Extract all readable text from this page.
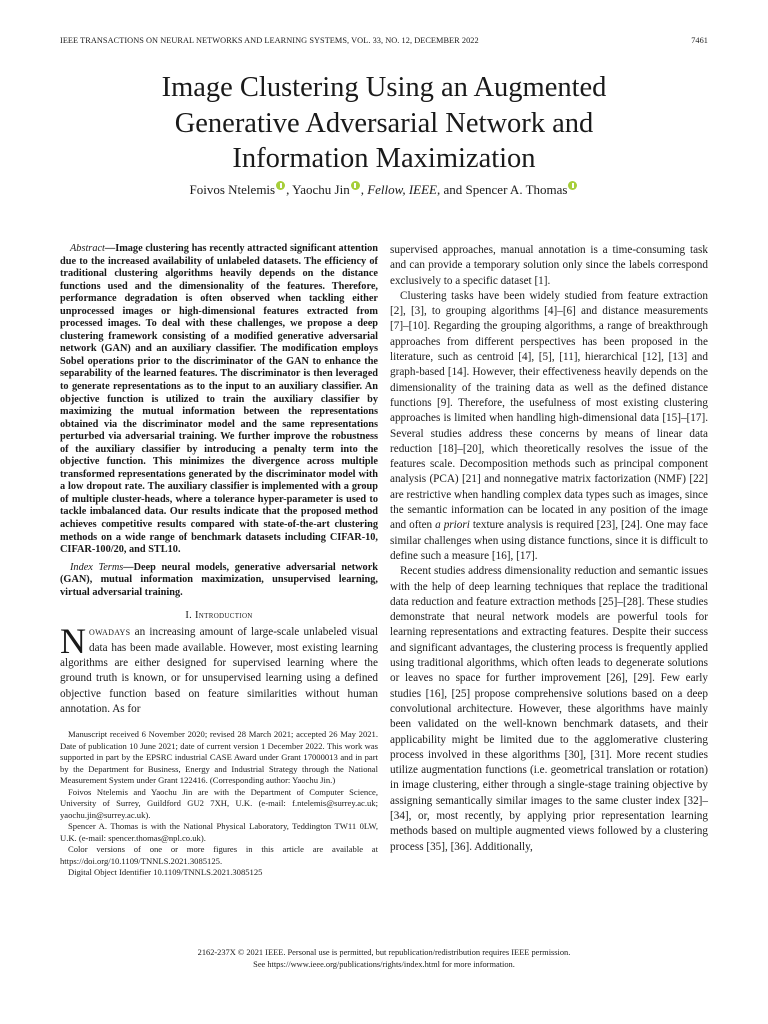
IEEE TRANSACTIONS ON NEURAL NETWORKS AND LEARNING SYSTEMS, VOL. 33, NO. 12, DECEMBER 2022	7461
Image Clustering Using an Augmented
Generative Adversarial Network and
Information Maximization
Foivos Ntelemis , Yaochu Jin , Fellow, IEEE, and Spencer A. Thomas

Abstract—Image clustering has recently attracted significant attention due to the increased availability of unlabeled datasets. The efficiency of traditional clustering algorithms heavily depends on the distance functions used and the dimensionality of the features. Therefore, performance degradation is often observed when tackling either unprocessed images or high-dimensional features extracted from processed images. To deal with these challenges, we propose a deep clustering framework consisting of a modified generative adversarial network (GAN) and an auxiliary classifier. The modification employs Sobel operations prior to the discriminator of the GAN to enhance the separability of the learned features. The discriminator is then leveraged to generate representations as to the input to an auxiliary classifier. An objective function is utilized to train the auxiliary classifier by maximizing the mutual information between the representations obtained via the discriminator model and the same representations perturbed via adversarial training. We further improve the robustness of the auxiliary classifier by introducing a penalty term into the objective function. This minimizes the divergence across multiple transformed representations generated by the discriminator model with a low dropout rate. The auxiliary classifier is implemented with a group of multiple cluster-heads, where a tolerance hyper-parameter is used to tackle imbalanced data. Our results indicate that the proposed method achieves competitive results compared with state-of-the-art clustering methods on a wide range of benchmark datasets including CIFAR-10, CIFAR-100/20, and STL10.

Index Terms—Deep neural models, generative adversarial network (GAN), mutual information maximization, unsupervised learning, virtual adversarial training.

I. Introduction

Nowadays an increasing amount of large-scale unlabeled visual data has been made available. However, most existing learning algorithms are either designed for supervised learning where the ground truth is known, or for unsupervised learning using a defined objective function based on feature similarities without human annotation. As for

Manuscript received 6 November 2020; revised 28 March 2021; accepted 26 May 2021. Date of publication 10 June 2021; date of current version 1 December 2022. This work was supported in part by the EPSRC industrial CASE Award under Grant 17000013 and in part by the Department for Business, Energy and Industrial Strategy through the National Measurement System under Grant 122416. (Corresponding author: Yaochu Jin.)

Foivos Ntelemis and Yaochu Jin are with the Department of Computer Science, University of Surrey, Guildford GU2 7XH, U.K. (e-mail: f.ntelemis@surrey.ac.uk; yaochu.jin@surrey.ac.uk).

Spencer A. Thomas is with the National Physical Laboratory, Teddington TW11 0LW, U.K. (e-mail: spencer.thomas@npl.co.uk).

Color versions of one or more figures in this article are available at https://doi.org/10.1109/TNNLS.2021.3085125.

Digital Object Identifier 10.1109/TNNLS.2021.3085125

supervised approaches, manual annotation is a time-consuming task and can provide a temporary solution only since the labels correspond exclusively to a specific dataset [1].

Clustering tasks have been widely studied from feature extraction [2], [3], to grouping algorithms [4]–[6] and distance measurements [7]–[10]. Regarding the grouping algorithms, a range of breakthrough approaches from different perspectives has been proposed in the literature, such as centroid [4], [5], [11], hierarchical [12], [13] and graph-based [14]. However, their effectiveness heavily depends on the dimensionality of the training data as well as the defined distance functions [9]. Therefore, the usefulness of most existing clustering approaches is limited when handling high-dimensional data [15]–[17]. Several studies address these concerns by means of linear data reduction [18]–[20], which theoretically resolves the issue of the features scale. Decomposition methods such as principal component analysis (PCA) [21] and nonnegative matrix factorization (NMF) [22] are restrictive when handling complex data types such as images, since the semantic information can be located in any position of the image and often a priori texture analysis is required [23], [24]. One may face similar challenges when using distance functions, since it is difficult to define such a measure [16], [17].

Recent studies address dimensionality reduction and semantic issues with the help of deep learning techniques that replace the traditional data reduction and feature extraction methods [25]–[28]. These studies demonstrate that neural network models are powerful tools for learning representations and extracting features. Despite their success and significant advantages, the clustering process is frequently applied using traditional algorithms, which often leads to degenerate solutions or leaves no space for further improvement [26], [29]. Few early studies [16], [25] propose comprehensive solutions based on a deep convolutional architecture. However, these algorithms have mainly been validated on the well-known benchmark datasets, and their applicability might be limited due to the agglomerative clustering process involved in these algorithms [30], [31]. More recent studies utilize augmentation functions (i.e. geometrical translation or rotation) in image clustering, either through a single-stage training objective by assigning semantically similar images to the same cluster index [32]–[34], or, most recently, by applying prior representation learning methods based on multiple augmented views followed by a clustering process [35], [36]. Additionally,

2162-237X © 2021 IEEE. Personal use is permitted, but republication/redistribution requires IEEE permission.
See https://www.ieee.org/publications/rights/index.html for more information.
